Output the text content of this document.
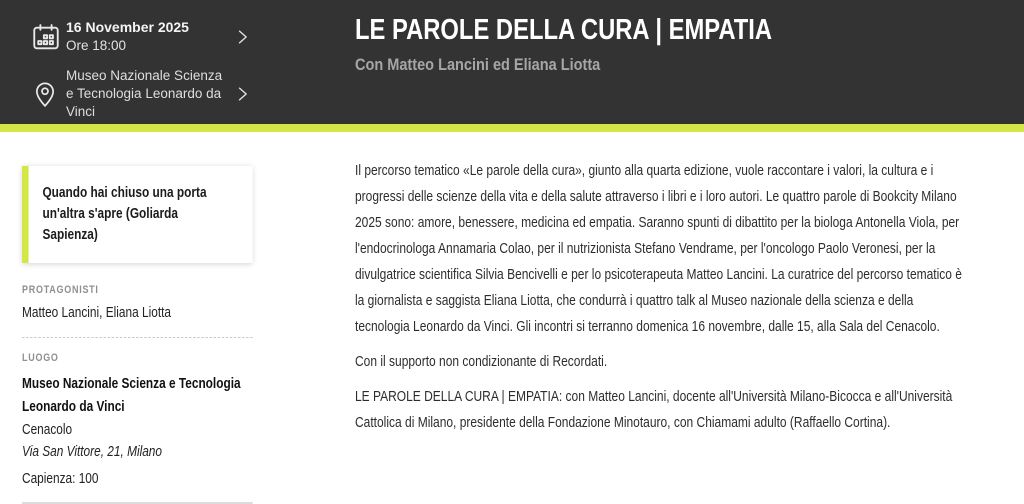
16 November 2025
Ore 18:00
Museo Nazionale Scienza e Tecnologia Leonardo da Vinci
LE PAROLE DELLA CURA | EMPATIA
Con Matteo Lancini ed Eliana Liotta
Quando hai chiuso una porta un'altra s'apre (Goliarda Sapienza)
PROTAGONISTI
Matteo Lancini, Eliana Liotta
LUOGO
Museo Nazionale Scienza e Tecnologia Leonardo da Vinci
Cenacolo
Via San Vittore, 21, Milano
Capienza: 100

Il percorso tematico «Le parole della cura», giunto alla quarta edizione, vuole raccontare i valori, la cultura e i progressi delle scienze della vita e della salute attraverso i libri e i loro autori. Le quattro parole di Bookcity Milano 2025 sono: amore, benessere, medicina ed empatia. Saranno spunti di dibattito per la biologa Antonella Viola, per l'endocrinologa Annamaria Colao, per il nutrizionista Stefano Vendrame, per l'oncologo Paolo Veronesi, per la divulgatrice scientifica Silvia Bencivelli e per lo psicoterapeuta Matteo Lancini. La curatrice del percorso tematico è la giornalista e saggista Eliana Liotta, che condurrà i quattro talk al Museo nazionale della scienza e della tecnologia Leonardo da Vinci. Gli incontri si terranno domenica 16 novembre, dalle 15, alla Sala del Cenacolo.

Con il supporto non condizionante di Recordati.

LE PAROLE DELLA CURA | EMPATIA: con Matteo Lancini, docente all'Università Milano-Bicocca e all'Università Cattolica di Milano, presidente della Fondazione Minotauro, con Chiamami adulto (Raffaello Cortina).
